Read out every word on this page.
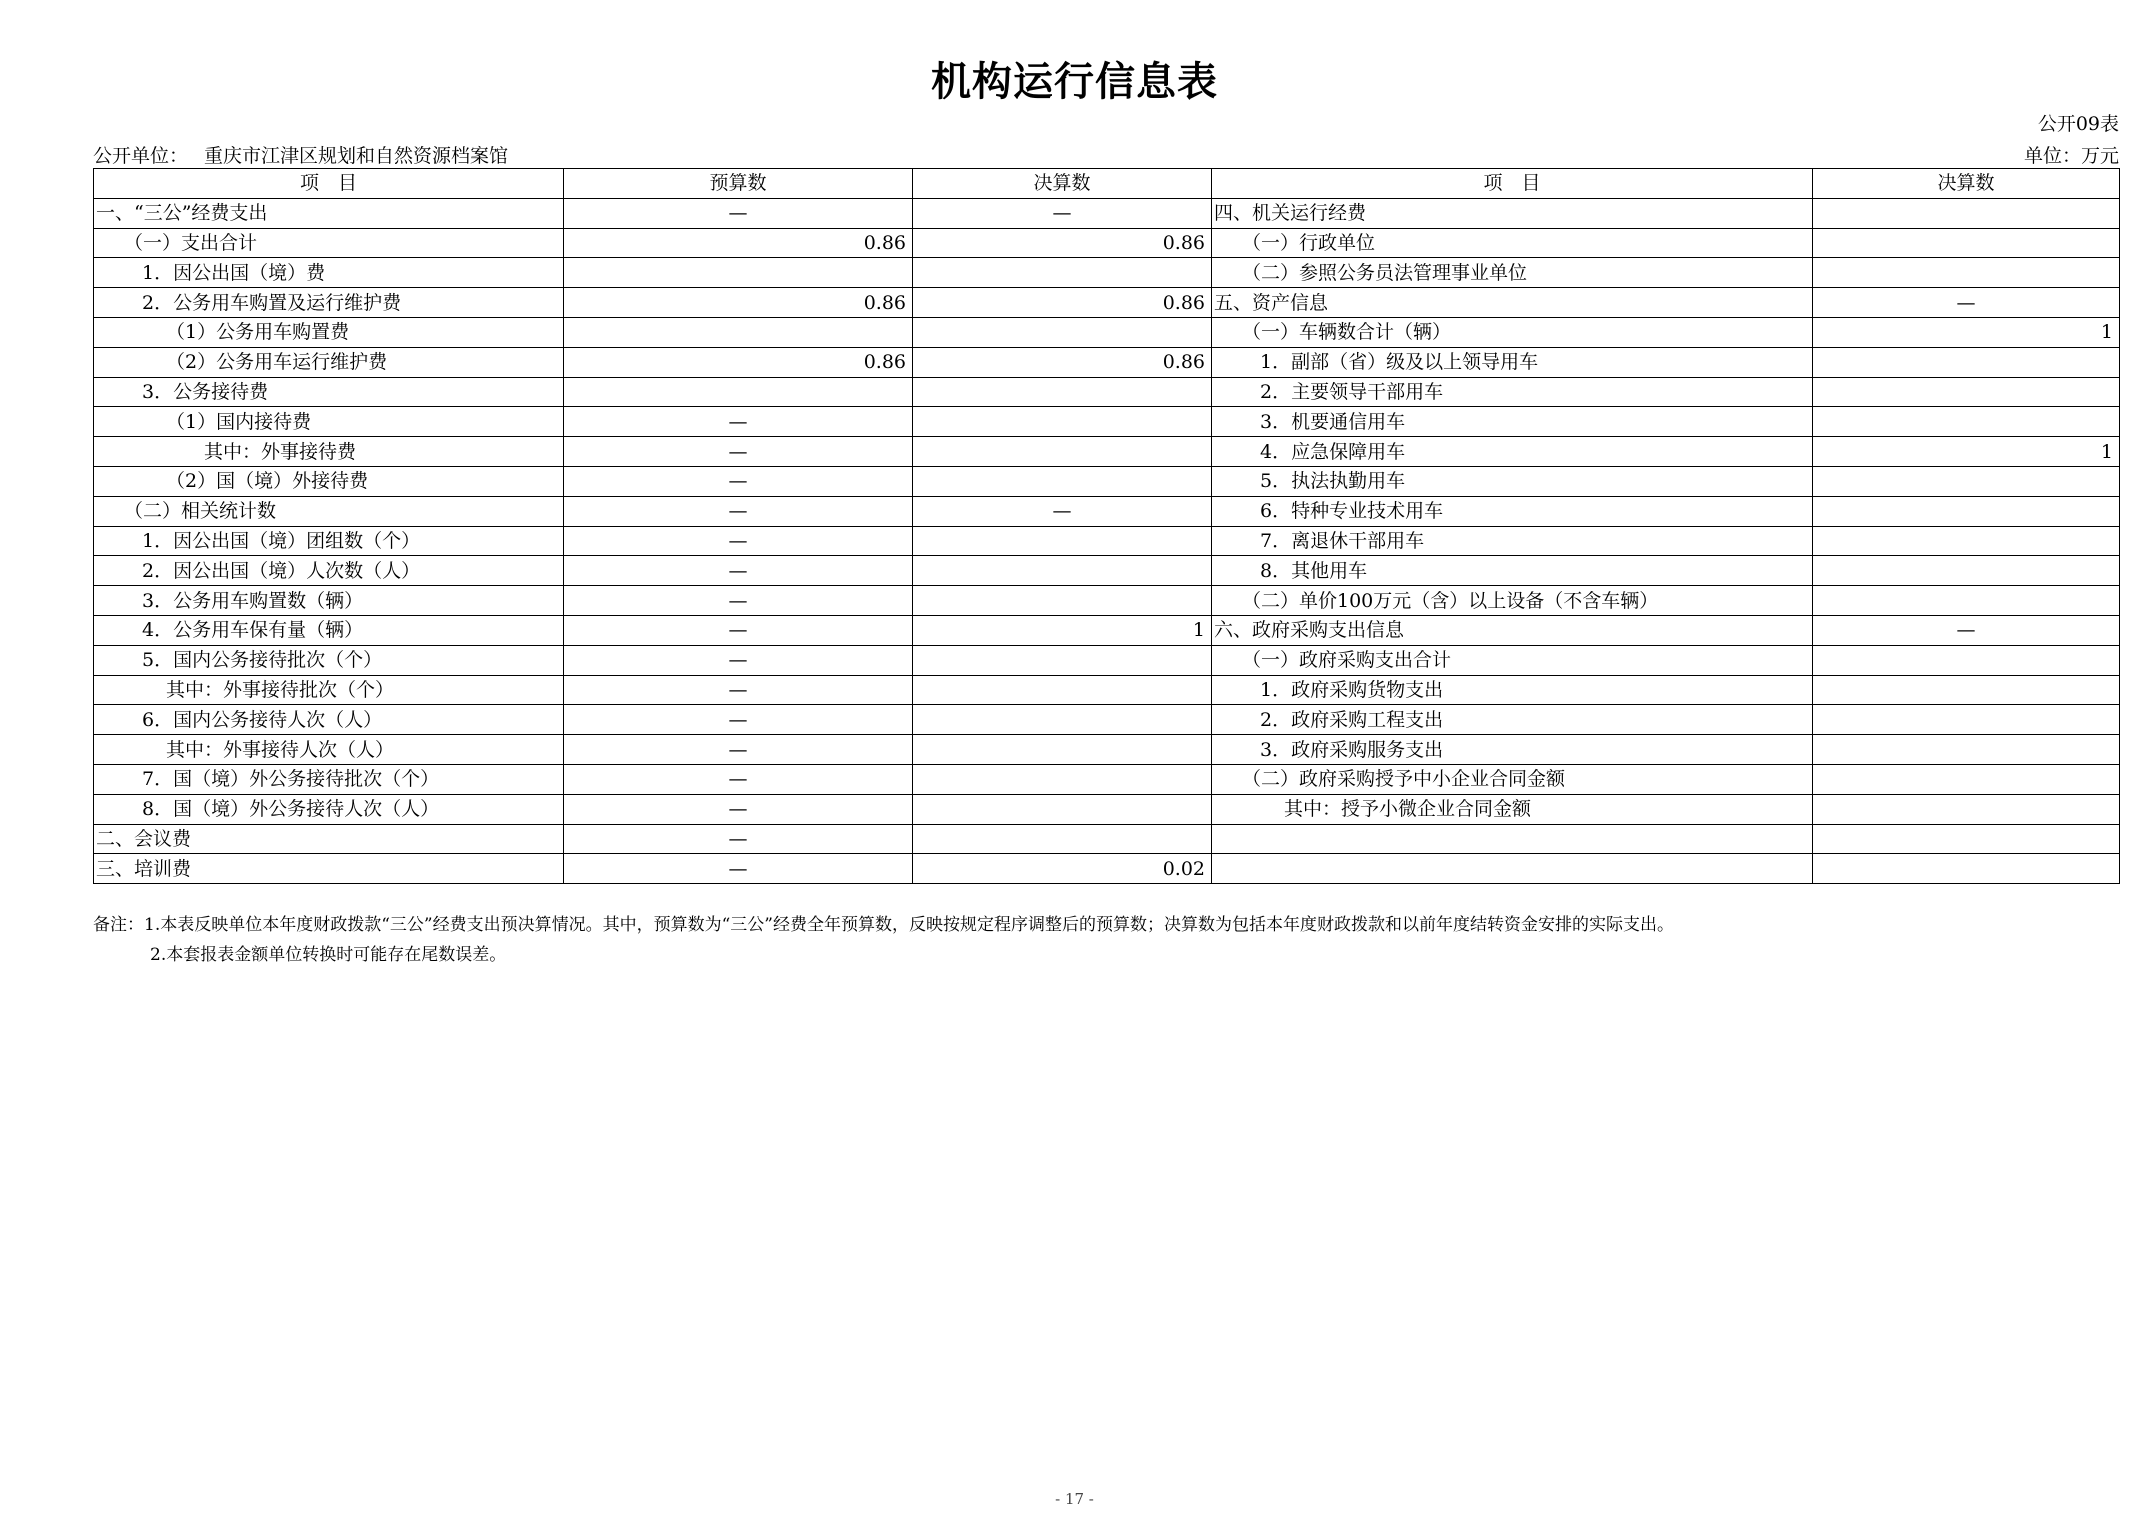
机构运行信息表
公开09表
公开单位： 重庆市江津区规划和自然资源档案馆	单位：万元
项　目	预算数	决算数	项　目	决算数
一、“三公”经费支出	—	—	四、机关运行经费	
（一）支出合计	0.86	0.86	（一）行政单位	
1．因公出国（境）费			（二）参照公务员法管理事业单位	
2．公务用车购置及运行维护费	0.86	0.86	五、资产信息	—
（1）公务用车购置费			（一）车辆数合计（辆）	1
（2）公务用车运行维护费	0.86	0.86	1．副部（省）级及以上领导用车	
3．公务接待费			2．主要领导干部用车	
（1）国内接待费	—		3．机要通信用车	
其中：外事接待费	—		4．应急保障用车	1
（2）国（境）外接待费	—		5．执法执勤用车	
（二）相关统计数	—	—	6．特种专业技术用车	
1．因公出国（境）团组数（个）	—		7．离退休干部用车	
2．因公出国（境）人次数（人）	—		8．其他用车	
3．公务用车购置数（辆）	—		（二）单价100万元（含）以上设备（不含车辆）	
4．公务用车保有量（辆）	—	1	六、政府采购支出信息	—
5．国内公务接待批次（个）	—		（一）政府采购支出合计	
其中：外事接待批次（个）	—		1．政府采购货物支出	
6．国内公务接待人次（人）	—		2．政府采购工程支出	
其中：外事接待人次（人）	—		3．政府采购服务支出	
7．国（境）外公务接待批次（个）	—		（二）政府采购授予中小企业合同金额	
8．国（境）外公务接待人次（人）	—		其中：授予小微企业合同金额	
二、会议费	—			
三、培训费	—	0.02		
备注：1.本表反映单位本年度财政拨款“三公”经费支出预决算情况。其中，预算数为“三公”经费全年预算数，反映按规定程序调整后的预算数；决算数为包括本年度财政拨款和以前年度结转资金安排的实际支出。
2.本套报表金额单位转换时可能存在尾数误差。
- 17 -
